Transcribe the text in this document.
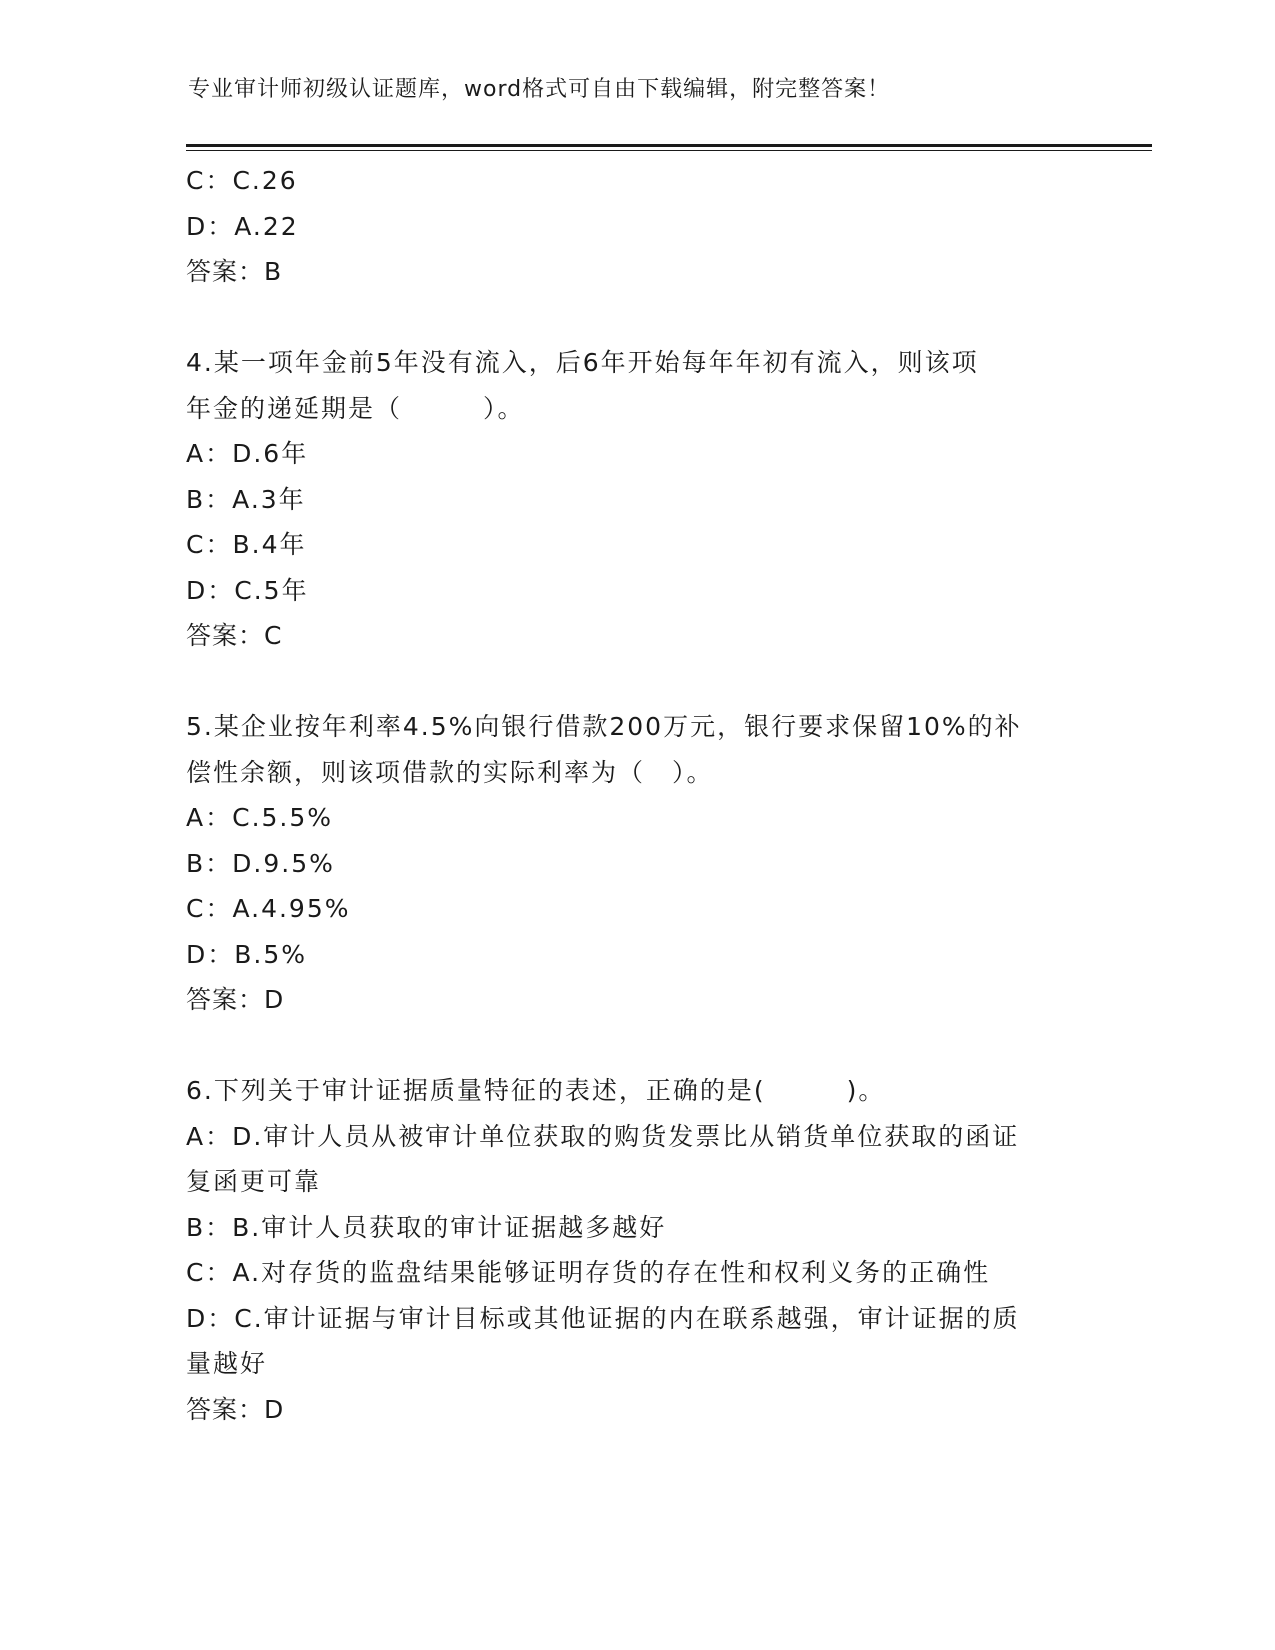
专业审计师初级认证题库，word格式可自由下载编辑，附完整答案！
C：C.26
D：A.22
答案：B
4.某一项年金前5年没有流入，后6年开始每年年初有流入，则该项
年金的递延期是（　　　）。
A：D.6年
B：A.3年
C：B.4年
D：C.5年
答案：C
5.某企业按年利率4.5%向银行借款200万元，银行要求保留10%的补
偿性余额，则该项借款的实际利率为（　）。
A：C.5.5%
B：D.9.5%
C：A.4.95%
D：B.5%
答案：D
6.下列关于审计证据质量特征的表述，正确的是(　　　)。
A：D.审计人员从被审计单位获取的购货发票比从销货单位获取的函证
复函更可靠
B：B.审计人员获取的审计证据越多越好
C：A.对存货的监盘结果能够证明存货的存在性和权利义务的正确性
D：C.审计证据与审计目标或其他证据的内在联系越强，审计证据的质
量越好
答案：D
